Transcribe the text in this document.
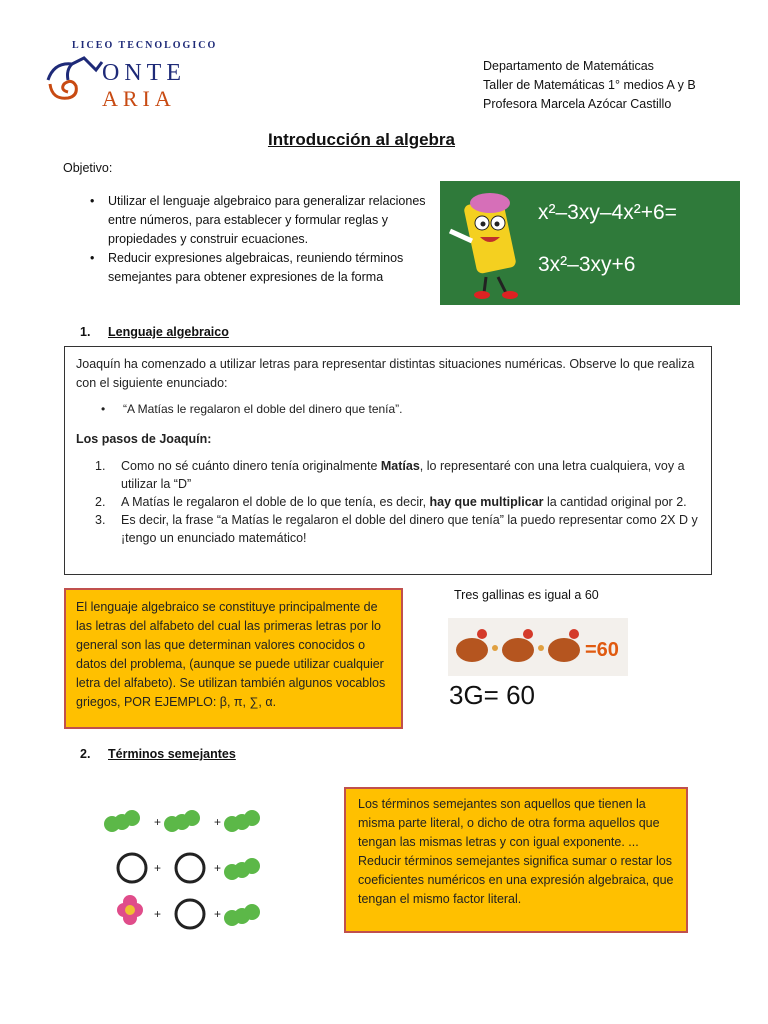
LICEO TECNOLOGICO
ONTE
ARIA
Departamento de Matemáticas
Taller de Matemáticas 1° medios A y B
Profesora Marcela Azócar Castillo
Introducción al algebra
Objetivo:
• Utilizar el lenguaje algebraico para generalizar relaciones entre números, para establecer y formular reglas y propiedades y construir ecuaciones.
• Reducir expresiones algebraicas, reuniendo términos semejantes para obtener expresiones de la forma
x²–3xy–4x²+6=
3x²–3xy+6
1. Lenguaje algebraico
Joaquín ha comenzado a utilizar letras para representar distintas situaciones numéricas. Observe lo que realiza con el siguiente enunciado:
• “A Matías le regalaron el doble del dinero que tenía”.
Los pasos de Joaquín:
1. Como no sé cuánto dinero tenía originalmente Matías, lo representaré con una letra cualquiera, voy a utilizar la “D”
2. A Matías le regalaron el doble de lo que tenía, es decir, hay que multiplicar la cantidad original por 2.
3. Es decir, la frase “a Matías le regalaron el doble del dinero que tenía” la puedo representar como 2X D y ¡tengo un enunciado matemático!
El lenguaje algebraico se constituye principalmente de las letras del alfabeto del cual las primeras letras por lo general son las que determinan valores conocidos o datos del problema, (aunque se puede utilizar cualquier letra del alfabeto). Se utilizan también algunos vocablos griegos, POR EJEMPLO: β, π, ∑, α.
Tres gallinas es igual a 60
=60
3G= 60
2. Términos semejantes
+	+
+	+
+	+
Los términos semejantes son aquellos que tienen la misma parte literal, o dicho de otra forma aquellos que tengan las mismas letras y con igual exponente. ... Reducir términos semejantes significa sumar o restar los coeficientes numéricos en una expresión algebraica, que tengan el mismo factor literal.
